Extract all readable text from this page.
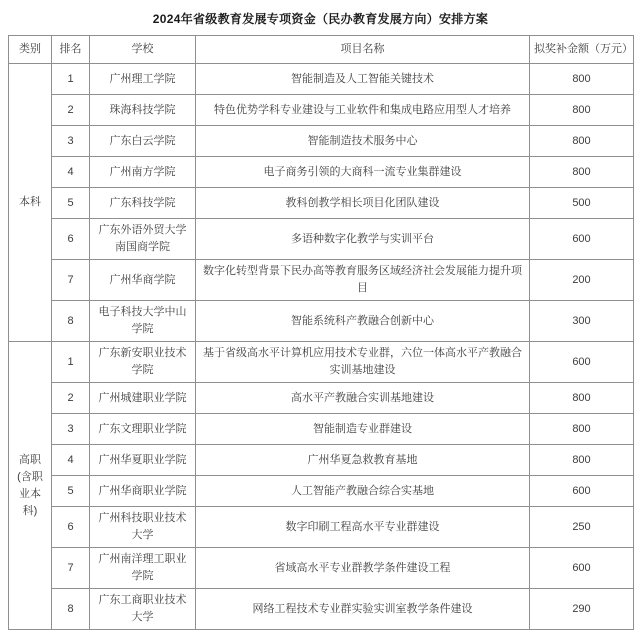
2024年省级教育发展专项资金（民办教育发展方向）安排方案
类别	排名	学校	项目名称	拟奖补金额（万元）
本科	1	广州理工学院	智能制造及人工智能关键技术	800
	2	珠海科技学院	特色优势学科专业建设与工业软件和集成电路应用型人才培养	800
	3	广东白云学院	智能制造技术服务中心	800
	4	广州南方学院	电子商务引领的大商科一流专业集群建设	800
	5	广东科技学院	教科创教学相长项目化团队建设	500
	6	广东外语外贸大学南国商学院	多语种数字化教学与实训平台	600
	7	广州华商学院	数字化转型背景下民办高等教育服务区域经济社会发展能力提升项目	200
	8	电子科技大学中山学院	智能系统科产教融合创新中心	300
高职(含职业本科)	1	广东新安职业技术学院	基于省级高水平计算机应用技术专业群，六位一体高水平产教融合实训基地建设	600
	2	广州城建职业学院	高水平产教融合实训基地建设	800
	3	广东文理职业学院	智能制造专业群建设	800
	4	广州华夏职业学院	广州华夏急救教育基地	800
	5	广州华商职业学院	人工智能产教融合综合实基地	600
	6	广州科技职业技术大学	数字印刷工程高水平专业群建设	250
	7	广州南洋理工职业学院	省域高水平专业群教学条件建设工程	600
	8	广东工商职业技术大学	网络工程技术专业群实验实训室教学条件建设	290
